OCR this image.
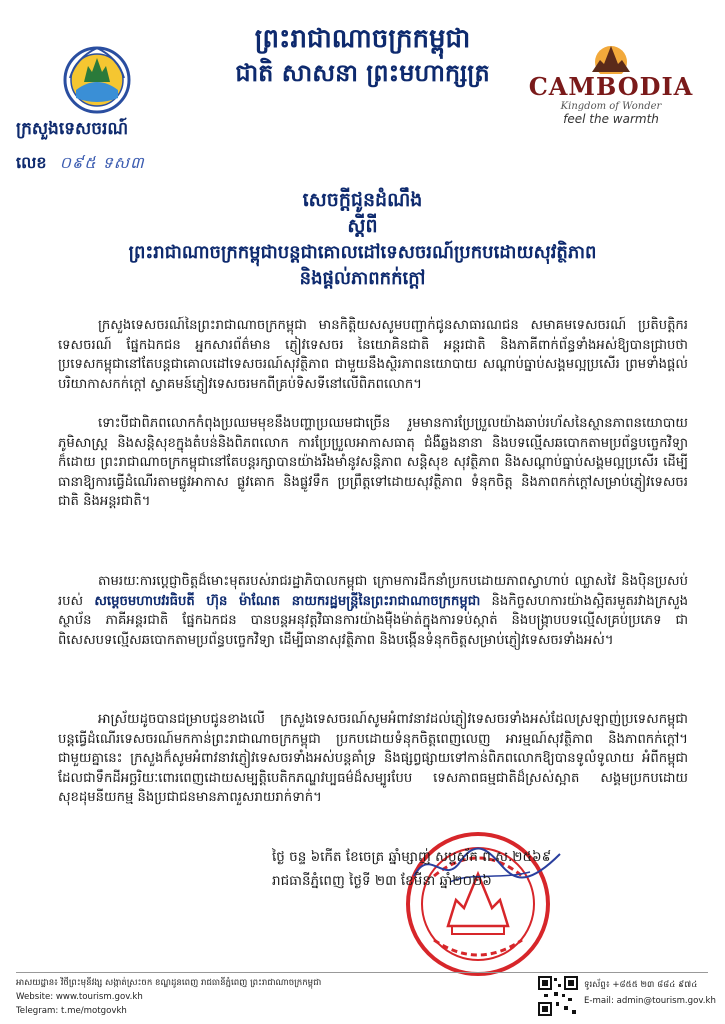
ព្រះរាជាណាចក្រកម្ពុជា
ជាតិ សាសនា ព្រះមហាក្សត្រ
ក្រសួងទេសចរណ៍
លេខ ០៩៥ ទស៣
CAMBODIA
Kingdom of Wonder
feel the warmth
សេចក្តីជូនដំណឹង
ស្តីពី
ព្រះរាជាណាចក្រកម្ពុជាបន្តជាគោលដៅទេសចរណ៍ប្រកបដោយសុវត្ថិភាព
និងផ្តល់ភាពកក់ក្តៅ
ក្រសួងទេសចរណ៍នៃព្រះរាជាណាចក្រកម្ពុជា មានកិត្តិយសសូមបញ្ជាក់ជូនសាធារណជន សមាគមទេសចរណ៍ ប្រតិបត្តិករទេសចរណ៍ ផ្នែកឯកជន អ្នកសារព័ត៌មាន ភ្ញៀវទេសចរ នៃយោគិនជាតិ អន្តរជាតិ និងភាគីពាក់ព័ន្ធទាំងអស់ឱ្យបានជ្រាបថា ប្រទេសកម្ពុជានៅតែបន្តជាគោលដៅទេសចរណ៍សុវត្ថិភាព ជាមួយនឹងស្ថិរភាពនយោបាយ សណ្តាប់ធ្នាប់សង្គមល្អប្រសើរ ព្រមទាំងផ្តល់បរិយាកាសកក់ក្តៅ ស្វាគមន៍ភ្ញៀវទេសចរមកពីគ្រប់ទិសទីនៅលើពិភពលោក។
ទោះបីជាពិភពលោកកំពុងប្រឈមមុខនឹងបញ្ហាប្រឈមជាច្រើន រួមមានការប្រែប្រួលយ៉ាងឆាប់រហ័សនៃស្ថានភាពនយោបាយភូមិសាស្ត្រ និងសន្តិសុខក្នុងតំបន់និងពិភពលោក ការប្រែប្រួលអាកាសធាតុ ជំងឺឆ្លងនានា និងបទល្មើសឆបោកតាមប្រព័ន្ធបច្ចេកវិទ្យាក៏ដោយ ព្រះរាជាណាចក្រកម្ពុជានៅតែបន្តរក្សាបានយ៉ាងរឹងមាំនូវសន្តិភាព សន្តិសុខ សុវត្ថិភាព និងសណ្តាប់ធ្នាប់សង្គមល្អប្រសើរ ដើម្បីធានាឱ្យការធ្វើដំណើរតាមផ្លូវអាកាស ផ្លូវគោក និងផ្លូវទឹក ប្រព្រឹត្តទៅដោយសុវត្ថិភាព ទំនុកចិត្ត និងភាពកក់ក្តៅសម្រាប់ភ្ញៀវទេសចរជាតិ និងអន្តរជាតិ។
តាមរយៈការប្តេជ្ញាចិត្តដ៏មោះមុតរបស់រាជរដ្ឋាភិបាលកម្ពុជា ក្រោមការដឹកនាំប្រកបដោយភាពស្វាហាប់ ឈ្លាសវៃ និងប៉ិនប្រសប់របស់ សម្តេចមហាបវរធិបតី ហ៊ុន ម៉ាណែត នាយករដ្ឋមន្ត្រីនៃព្រះរាជាណាចក្រកម្ពុជា និងកិច្ចសហការយ៉ាងស្អិតរមួតរវាងក្រសួង ស្ថាប័ន ភាគីអន្តរជាតិ ផ្នែកឯកជន បានបន្តអនុវត្តវិធានការយ៉ាងម៉ឺងម៉ាត់ក្នុងការទប់ស្កាត់ និងបង្ក្រាបបទល្មើសគ្រប់ប្រភេទ ជាពិសេសបទល្មើសឆបោកតាមប្រព័ន្ធបច្ចេកវិទ្យា ដើម្បីធានាសុវត្ថិភាព និងបង្កើនទំនុកចិត្តសម្រាប់ភ្ញៀវទេសចរទាំងអស់។
អាស្រ័យដូចបានជម្រាបជូនខាងលើ ក្រសួងទេសចរណ៍សូមអំពាវនាវដល់ភ្ញៀវទេសចរទាំងអស់ដែលស្រឡាញ់ប្រទេសកម្ពុជា បន្តធ្វើដំណើរទេសចរណ៍មកកាន់ព្រះរាជាណាចក្រកម្ពុជា ប្រកបដោយទំនុកចិត្តពេញលេញ អារម្មណ៍សុវត្ថិភាព និងភាពកក់ក្តៅ។ ជាមួយគ្នានេះ ក្រសួងក៏សូមអំពាវនាវភ្ញៀវទេសចរទាំងអស់បន្តគាំទ្រ និងផ្សព្វផ្សាយទៅកាន់ពិភពលោកឱ្យបានទូលំទូលាយ អំពីកម្ពុជាដែលជាទឹកដីអច្ឆរិយៈពោរពេញដោយសម្បត្តិបេតិកភណ្ឌវប្បធម៌ដ៏សម្បូរបែប ទេសភាពធម្មជាតិដ៏ស្រស់ស្អាត សង្គមប្រកបដោយសុខដុមនីយកម្ម និងប្រជាជនមានភាពរួសរាយរាក់ទាក់។
ថ្ងៃ ចន្ទ ៦កើត ខែចេត្រ ឆ្នាំម្សាញ់ សប្តស័ក ព.ស.២៥៦៩
រាជធានីភ្នំពេញ ថ្ងៃទី ២៣ ខែមីនា ឆ្នាំ២០២៦
អាសយដ្ឋាន៖ វិថីព្រះមុនីវង្ស សង្កាត់ស្រះចក ខណ្ឌដូនពេញ រាជធានីភ្នំពេញ ព្រះរាជាណាចក្រកម្ពុជា
Website: www.tourism.gov.kh
Telegram: t.me/motgovkh
ទូរស័ព្ទ៖ +៨៥៥ ២៣ ៨៨៤ ៩៧៤
E-mail: admin@tourism.gov.kh
